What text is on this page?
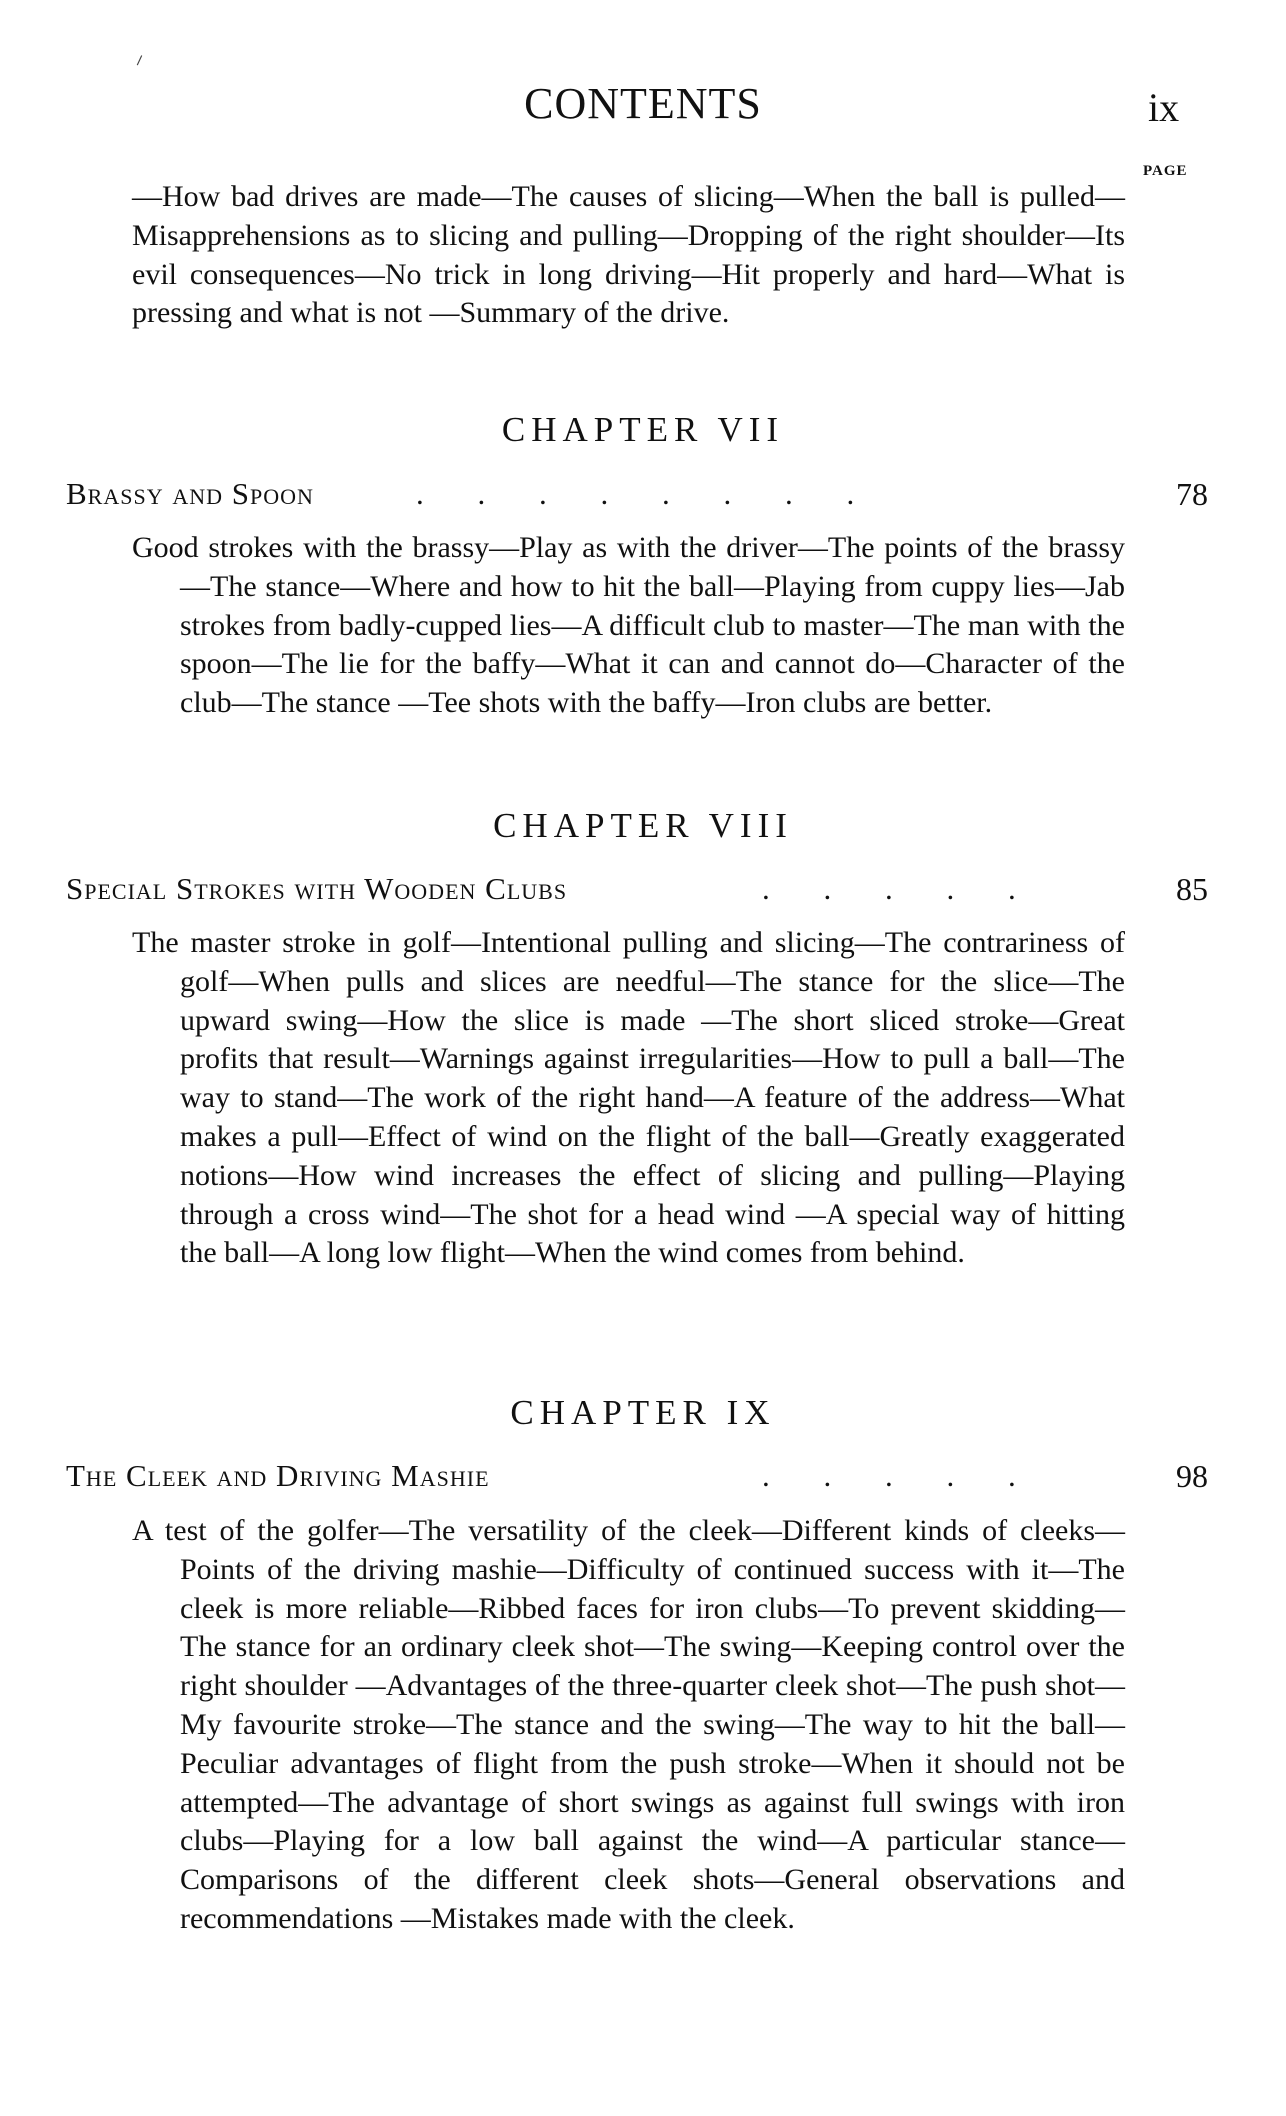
⸝
CONTENTS	ix
PAGE
—How bad drives are made—The causes of slicing—When the ball is pulled—Misapprehensions as to slicing and pulling—Dropping of the right shoulder—Its evil consequences—No trick in long driving—Hit properly and hard—What is pressing and what is not —Summary of the drive.
CHAPTER VII
Brassy and Spoon	. . . . . . . .	78
Good strokes with the brassy—Play as with the driver—The points of the brassy—The stance—Where and how to hit the ball—Playing from cuppy lies—Jab strokes from badly-cupped lies—A difficult club to master—The man with the spoon—The lie for the baffy—What it can and cannot do—Character of the club—The stance —Tee shots with the baffy—Iron clubs are better.
CHAPTER VIII
Special Strokes with Wooden Clubs	. . . . .	85
The master stroke in golf—Intentional pulling and slicing—The contrariness of golf—When pulls and slices are needful—The stance for the slice—The upward swing—How the slice is made —The short sliced stroke—Great profits that result—Warnings against irregularities—How to pull a ball—The way to stand—The work of the right hand—A feature of the address—What makes a pull—Effect of wind on the flight of the ball—Greatly exaggerated notions—How wind increases the effect of slicing and pulling—Playing through a cross wind—The shot for a head wind —A special way of hitting the ball—A long low flight—When the wind comes from behind.
CHAPTER IX
The Cleek and Driving Mashie	. . . . .	98
A test of the golfer—The versatility of the cleek—Different kinds of cleeks—Points of the driving mashie—Difficulty of continued success with it—The cleek is more reliable—Ribbed faces for iron clubs—To prevent skidding—The stance for an ordinary cleek shot—The swing—Keeping control over the right shoulder —Advantages of the three-quarter cleek shot—The push shot—My favourite stroke—The stance and the swing—The way to hit the ball—Peculiar advantages of flight from the push stroke—When it should not be attempted—The advantage of short swings as against full swings with iron clubs—Playing for a low ball against the wind—A particular stance—Comparisons of the different cleek shots—General observations and recommendations —Mistakes made with the cleek.
